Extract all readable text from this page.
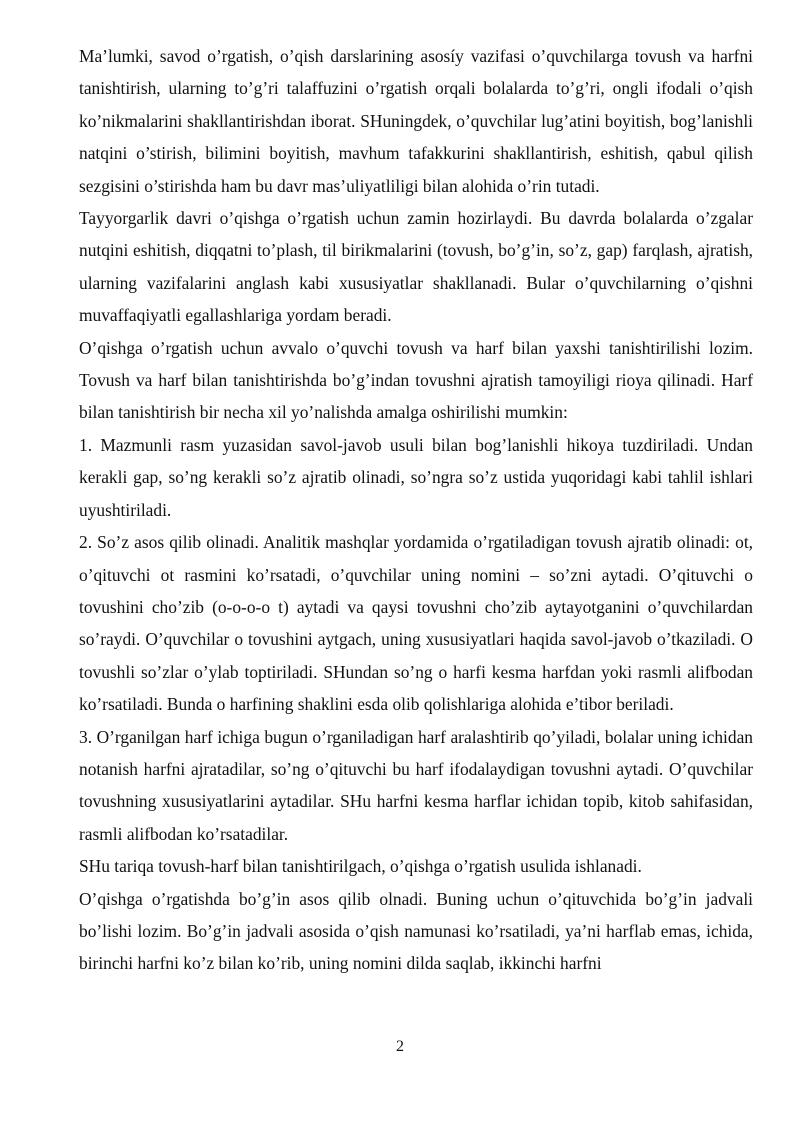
Ma’lumki, savod o’rgatish, o’qish darslarining asosíy vazifasi o’quvchilarga tovush va harfni tanishtirish, ularning to’g’ri talaffuzini o’rgatish orqali bolalarda to’g’ri, ongli ifodali o’qish ko’nikmalarini shakllantirishdan iborat. SHuningdek, o’quvchilar lug’atini boyitish, bog’lanishli natqini o’stirish, bilimini boyitish, mavhum tafakkurini shakllantirish, eshitish, qabul qilish sezgisini o’stirishda ham bu davr mas’uliyatliligi bilan alohida o’rin tutadi.

Tayyorgarlik davri o’qishga o’rgatish uchun zamin hozirlaydi. Bu davrda bolalarda o’zgalar nutqini eshitish, diqqatni to’plash, til birikmalarini (tovush, bo’g’in, so’z, gap) farqlash, ajratish, ularning vazifalarini anglash kabi xususiyatlar shakllanadi. Bular o’quvchilarning o’qishni muvaffaqiyatli egallashlariga yordam beradi.

O’qishga o’rgatish uchun avvalo o’quvchi tovush va harf bilan yaxshi tanishtirilishi lozim. Tovush va harf bilan tanishtirishda bo’g’indan tovushni ajratish tamoyiligi rioya qilinadi. Harf bilan tanishtirish bir necha xil yo’nalishda amalga oshirilishi mumkin:

1. Mazmunli rasm yuzasidan savol-javob usuli bilan bog’lanishli hikoya tuzdiriladi. Undan kerakli gap, so’ng kerakli so’z ajratib olinadi, so’ngra so’z ustida yuqoridagi kabi tahlil ishlari uyushtiriladi.

2. So’z asos qilib olinadi. Analitik mashqlar yordamida o’rgatiladigan tovush ajratib olinadi: ot, o’qituvchi ot rasmini ko’rsatadi, o’quvchilar uning nomini – so’zni aytadi. O’qituvchi o tovushini cho’zib (o-o-o-o t) aytadi va qaysi tovushni cho’zib aytayotganini o’quvchilardan so’raydi. O’quvchilar o tovushini aytgach, uning xususiyatlari haqida savol-javob o’tkaziladi. O tovushli so’zlar o’ylab toptiriladi. SHundan so’ng o harfi kesma harfdan yoki rasmli alifbodan ko’rsatiladi. Bunda o harfining shaklini esda olib qolishlariga alohida e’tibor beriladi.

3. O’rganilgan harf ichiga bugun o’rganiladigan harf aralashtirib qo’yiladi, bolalar uning ichidan notanish harfni ajratadilar, so’ng o’qituvchi bu harf ifodalaydigan tovushni aytadi. O’quvchilar tovushning xususiyatlarini aytadilar. SHu harfni kesma harflar ichidan topib, kitob sahifasidan, rasmli alifbodan ko’rsatadilar.

SHu tariqa tovush-harf bilan tanishtirilgach, o’qishga o’rgatish usulida ishlanadi.

O’qishga o’rgatishda bo’g’in asos qilib olnadi. Buning uchun o’qituvchida bo’g’in jadvali bo’lishi lozim. Bo’g’in jadvali asosida o’qish namunasi ko’rsatiladi, ya’ni harflab emas, ichida, birinchi harfni ko’z bilan ko’rib, uning nomini dilda saqlab, ikkinchi harfni

2
